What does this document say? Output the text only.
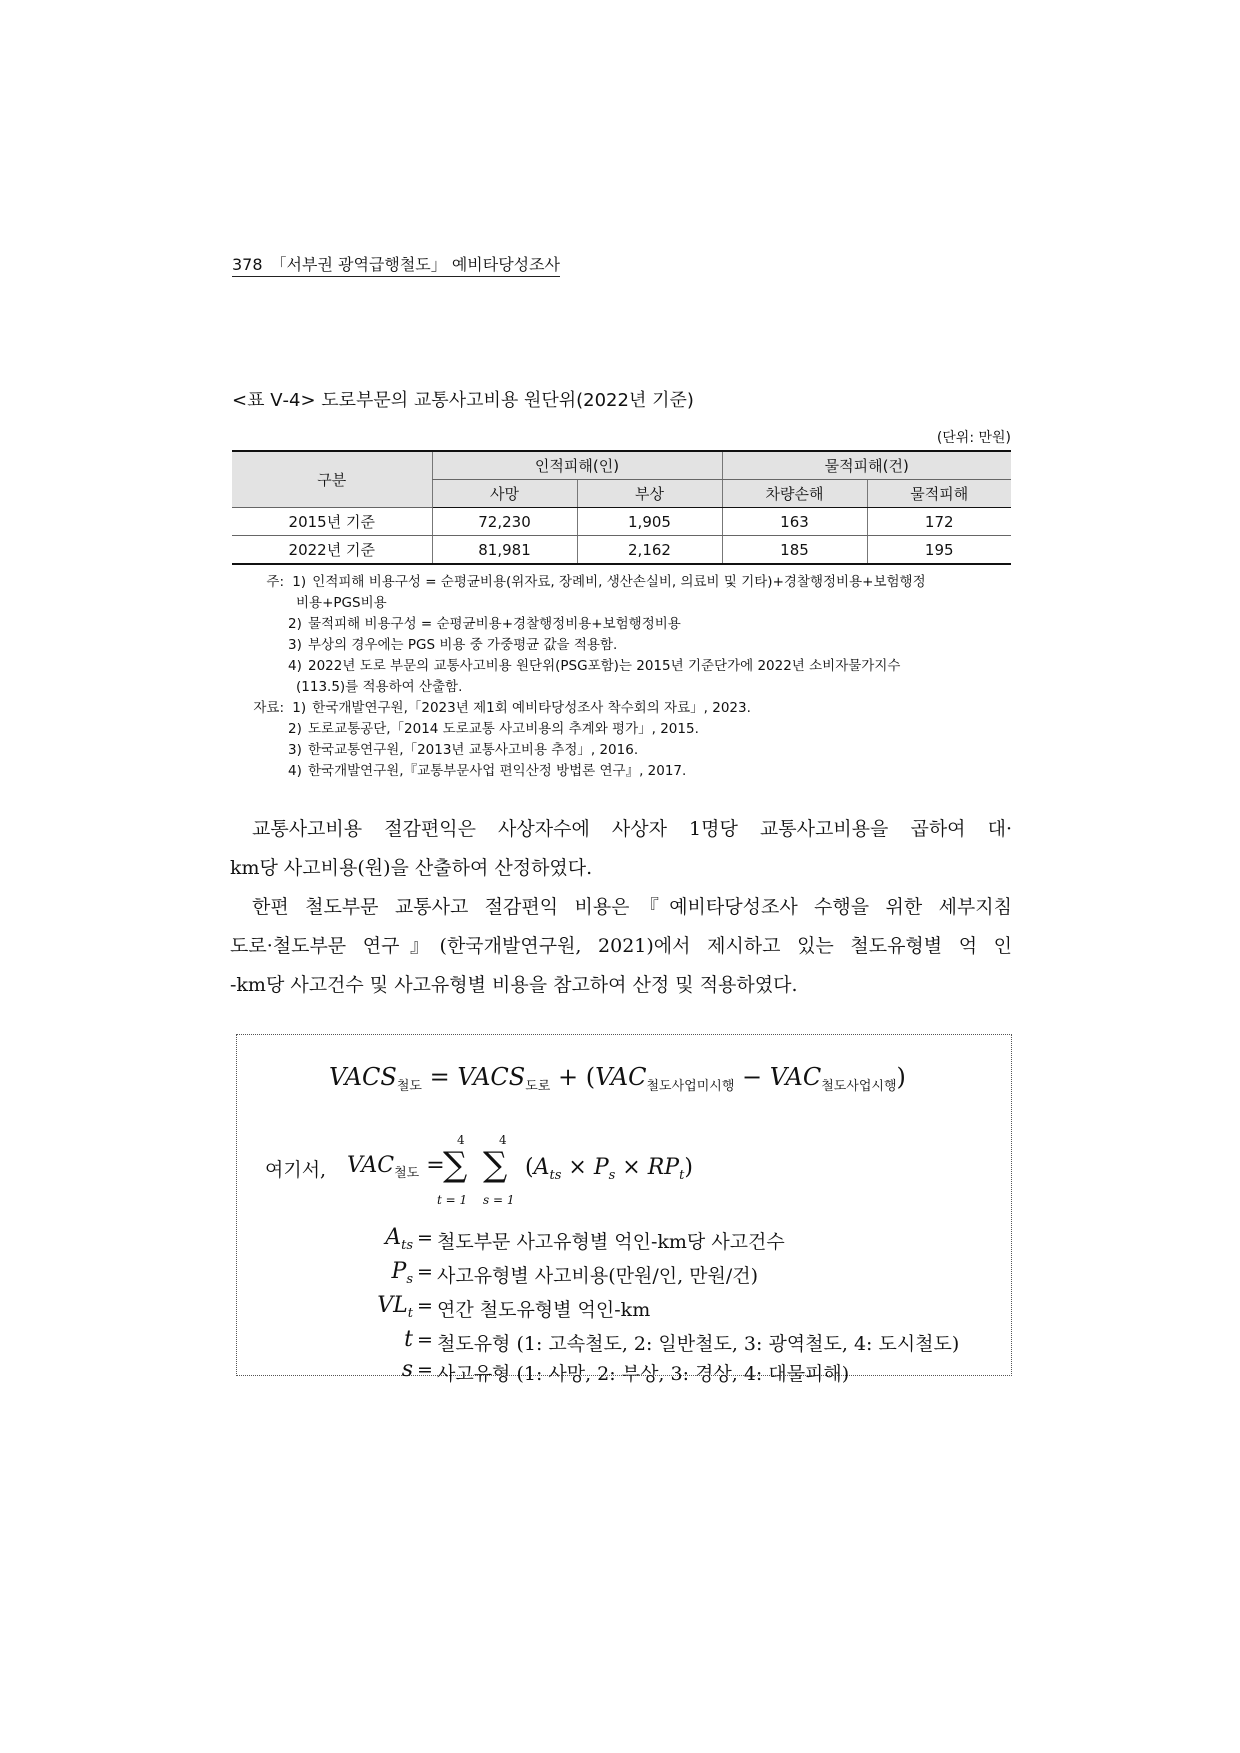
378 「서부권 광역급행철도」 예비타당성조사
<표 Ⅴ-4> 도로부문의 교통사고비용 원단위(2022년 기준)
(단위: 만원)
구분	인적피해(인)		물적피해(건)	
	사망	부상	차량손해	물적피해
2015년 기준	72,230	1,905	163	172
2022년 기준	81,981	2,162	185	195
주: 1) 인적피해 비용구성 = 순평균비용(위자료, 장례비, 생산손실비, 의료비 및 기타)+경찰행정비용+보험행정
비용+PGS비용
2) 물적피해 비용구성 = 순평균비용+경찰행정비용+보험행정비용
3) 부상의 경우에는 PGS 비용 중 가중평균 값을 적용함.
4) 2022년 도로 부문의 교통사고비용 원단위(PSG포함)는 2015년 기준단가에 2022년 소비자물가지수
(113.5)를 적용하여 산출함.
자료: 1) 한국개발연구원,「2023년 제1회 예비타당성조사 착수회의 자료」, 2023.
2) 도로교통공단,「2014 도로교통 사고비용의 추계와 평가」, 2015.
3) 한국교통연구원,「2013년 교통사고비용 추정」, 2016.
4) 한국개발연구원,『교통부문사업 편익산정 방법론 연구』, 2017.

교통사고비용 절감편익은 사상자수에 사상자 1명당 교통사고비용을 곱하여 대·

km당 사고비용(원)을 산출하여 산정하였다.

한편 철도부문 교통사고 절감편익 비용은『예비타당성조사 수행을 위한 세부지침

도로·철도부문 연구』(한국개발연구원, 2021)에서 제시하고 있는 철도유형별 억 인

-km당 사고건수 및 사고유형별 비용을 참고하여 산정 및 적용하였다.

$VACS_{철도}$ = $VACS_{도로} + (VAC_{철도사업미시행} - VAC_{철도사업시행})$
여기서, $VAC_{철도}$ =
4	4
∑ ∑
t = 1 s = 1
$(A_{ts} \times P_s \times RP_t)$
$A_{ts}$ = 철도부문 사고유형별 억인-km당 사고건수
$P_s$ = 사고유형별 사고비용(만원/인, 만원/건)
$VL_t$ = 연간 철도유형별 억인-km
t = 철도유형 (1: 고속철도, 2: 일반철도, 3: 광역철도, 4: 도시철도)
s = 사고유형 (1: 사망, 2: 부상, 3: 경상, 4: 대물피해)
